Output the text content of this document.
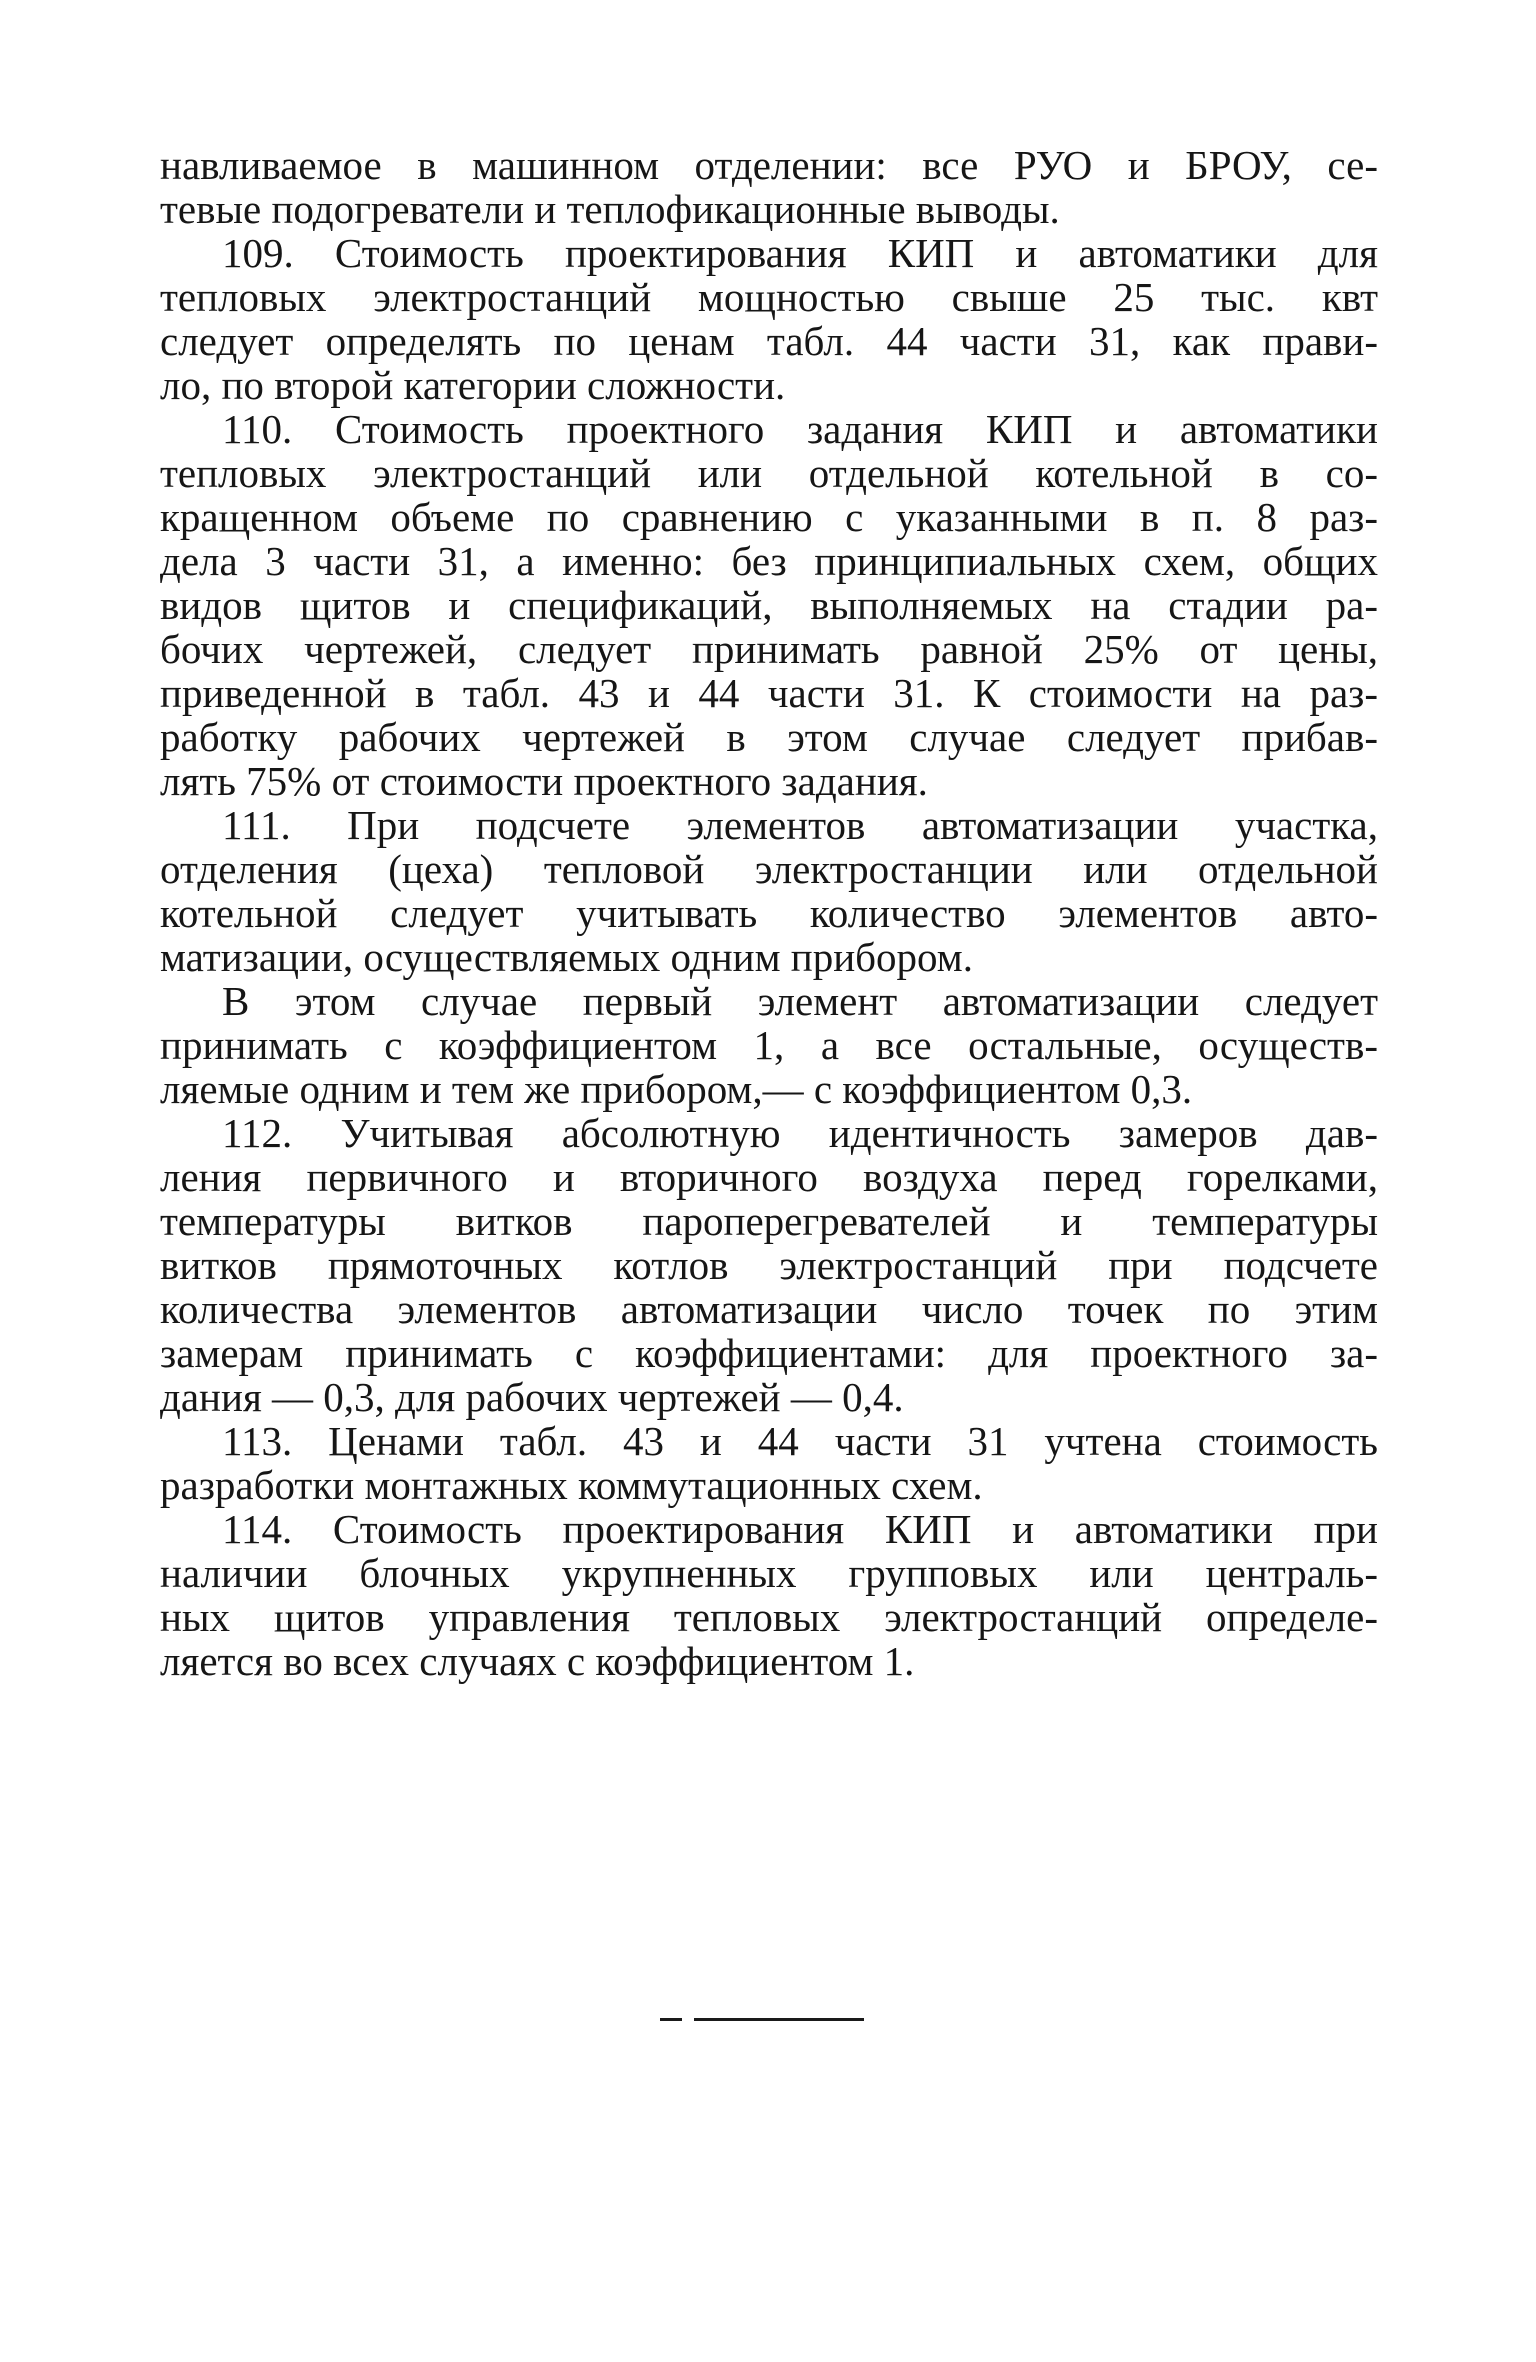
навливаемое в машинном отделении: все РУО и БРОУ, се-
тевые подогреватели и теплофикационные выводы.
109. Стоимость проектирования КИП и автоматики для
тепловых электростанций мощностью свыше 25 тыс. квт
следует определять по ценам табл. 44 части 31, как прави-
ло, по второй категории сложности.
110. Стоимость проектного задания КИП и автоматики
тепловых электростанций или отдельной котельной в со-
кращенном объеме по сравнению с указанными в п. 8 раз-
дела 3 части 31, а именно: без принципиальных схем, общих
видов щитов и спецификаций, выполняемых на стадии ра-
бочих чертежей, следует принимать равной 25% от цены,
приведенной в табл. 43 и 44 части 31. К стоимости на раз-
работку рабочих чертежей в этом случае следует прибав-
лять 75% от стоимости проектного задания.
111. При подсчете элементов автоматизации участка,
отделения (цеха) тепловой электростанции или отдельной
котельной следует учитывать количество элементов авто-
матизации, осуществляемых одним прибором.
В этом случае первый элемент автоматизации следует
принимать с коэффициентом 1, а все остальные, осуществ-
ляемые одним и тем же прибором,— с коэффициентом 0,3.
112. Учитывая абсолютную идентичность замеров дав-
ления первичного и вторичного воздуха перед горелками,
температуры витков пароперегревателей и температуры
витков прямоточных котлов электростанций при подсчете
количества элементов автоматизации число точек по этим
замерам принимать с коэффициентами: для проектного за-
дания — 0,3, для рабочих чертежей — 0,4.
113. Ценами табл. 43 и 44 части 31 учтена стоимость
разработки монтажных коммутационных схем.
114. Стоимость проектирования КИП и автоматики при
наличии блочных укрупненных групповых или централь-
ных щитов управления тепловых электростанций определе-
ляется во всех случаях с коэффициентом 1.
